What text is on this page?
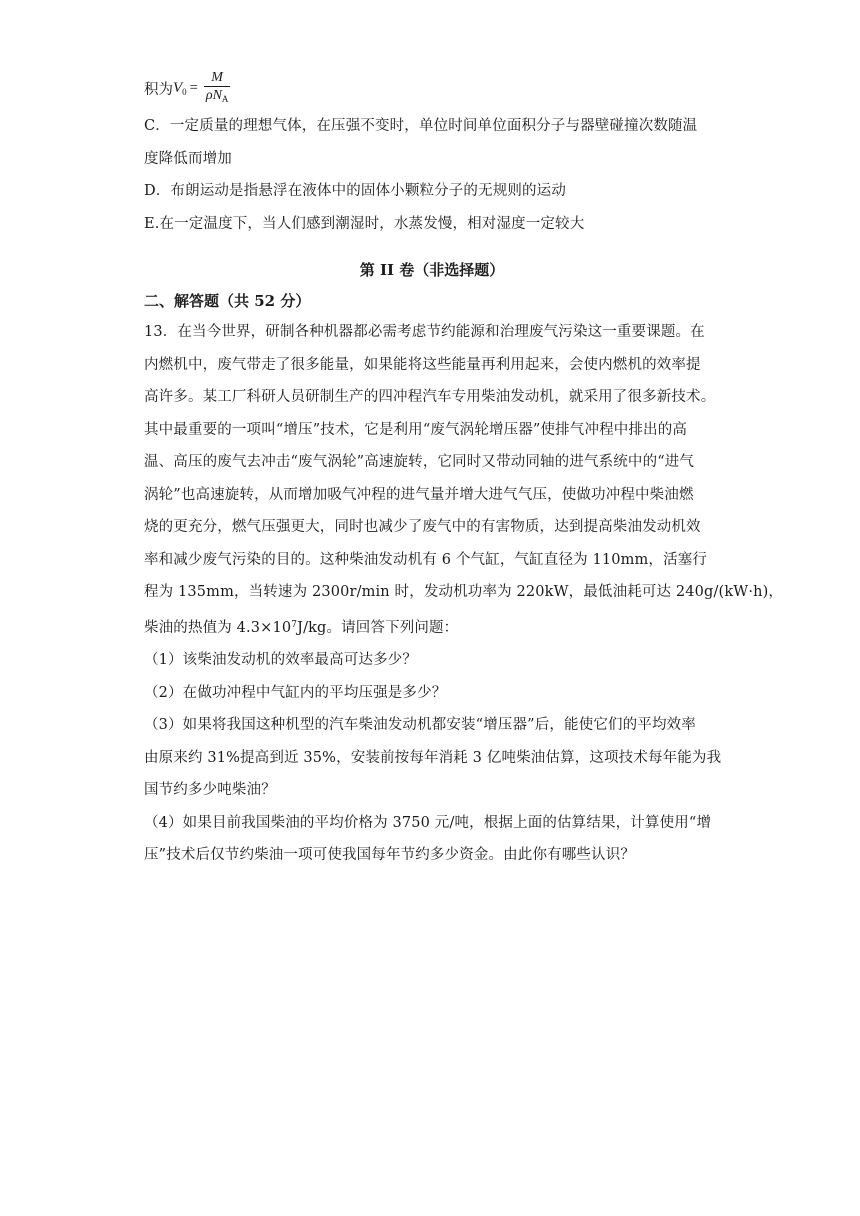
积为 $V_0 = \frac{M}{\rho N_A}$
C．一定质量的理想气体，在压强不变时，单位时间单位面积分子与器壁碰撞次数随温
度降低而增加
D．布朗运动是指悬浮在液体中的固体小颗粒分子的无规则的运动
E.在一定温度下，当人们感到潮湿时，水蒸发慢，相对湿度一定较大
第 II 卷（非选择题）
二、解答题（共 52 分）
13．在当今世界，研制各种机器都必需考虑节约能源和治理废气污染这一重要课题。在
内燃机中，废气带走了很多能量，如果能将这些能量再利用起来，会使内燃机的效率提
高许多。某工厂科研人员研制生产的四冲程汽车专用柴油发动机，就采用了很多新技术。
其中最重要的一项叫“增压”技术，它是利用“废气涡轮增压器”使排气冲程中排出的高
温、高压的废气去冲击“废气涡轮”高速旋转，它同时又带动同轴的进气系统中的“进气
涡轮”也高速旋转，从而增加吸气冲程的进气量并增大进气气压，使做功冲程中柴油燃
烧的更充分，燃气压强更大，同时也减少了废气中的有害物质，达到提高柴油发动机效
率和减少废气污染的目的。这种柴油发动机有 6 个气缸，气缸直径为 110mm，活塞行
程为 135mm，当转速为 2300r/min 时，发动机功率为 220kW，最低油耗可达 240g/(kW·h)，
柴油的热值为 $4.3\times 10^7J/kg$。请回答下列问题：
（1）该柴油发动机的效率最高可达多少？
（2）在做功冲程中气缸内的平均压强是多少？
（3）如果将我国这种机型的汽车柴油发动机都安装“增压器”后，能使它们的平均效率
由原来约 31%提高到近 35%，安装前按每年消耗 3 亿吨柴油估算，这项技术每年能为我
国节约多少吨柴油？
（4）如果目前我国柴油的平均价格为 3750 元/吨，根据上面的估算结果，计算使用“增
压”技术后仅节约柴油一项可使我国每年节约多少资金。由此你有哪些认识？
